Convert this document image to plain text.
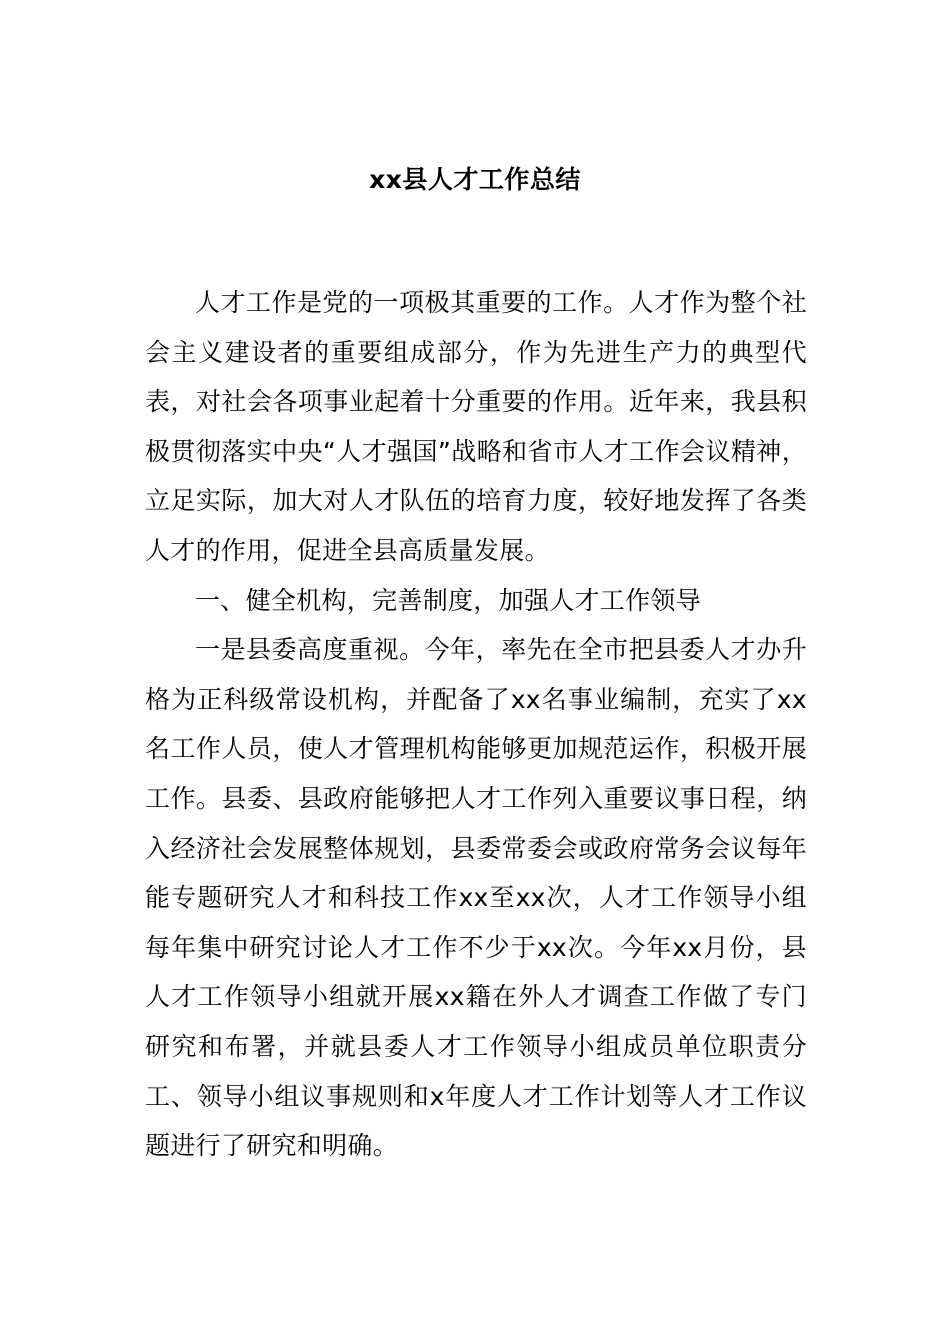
xx县人才工作总结

人才工作是党的一项极其重要的工作。人才作为整个社会主义建设者的重要组成部分，作为先进生产力的典型代表，对社会各项事业起着十分重要的作用。近年来，我县积极贯彻落实中央“人才强国”战略和省市人才工作会议精神，立足实际，加大对人才队伍的培育力度，较好地发挥了各类人才的作用，促进全县高质量发展。

一、健全机构，完善制度，加强人才工作领导

一是县委高度重视。今年，率先在全市把县委人才办升格为正科级常设机构，并配备了xx名事业编制，充实了xx名工作人员，使人才管理机构能够更加规范运作，积极开展工作。县委、县政府能够把人才工作列入重要议事日程，纳入经济社会发展整体规划，县委常委会或政府常务会议每年能专题研究人才和科技工作xx至xx次，人才工作领导小组每年集中研究讨论人才工作不少于xx次。今年xx月份，县人才工作领导小组就开展xx籍在外人才调查工作做了专门研究和布署，并就县委人才工作领导小组成员单位职责分工、领导小组议事规则和x年度人才工作计划等人才工作议题进行了研究和明确。
